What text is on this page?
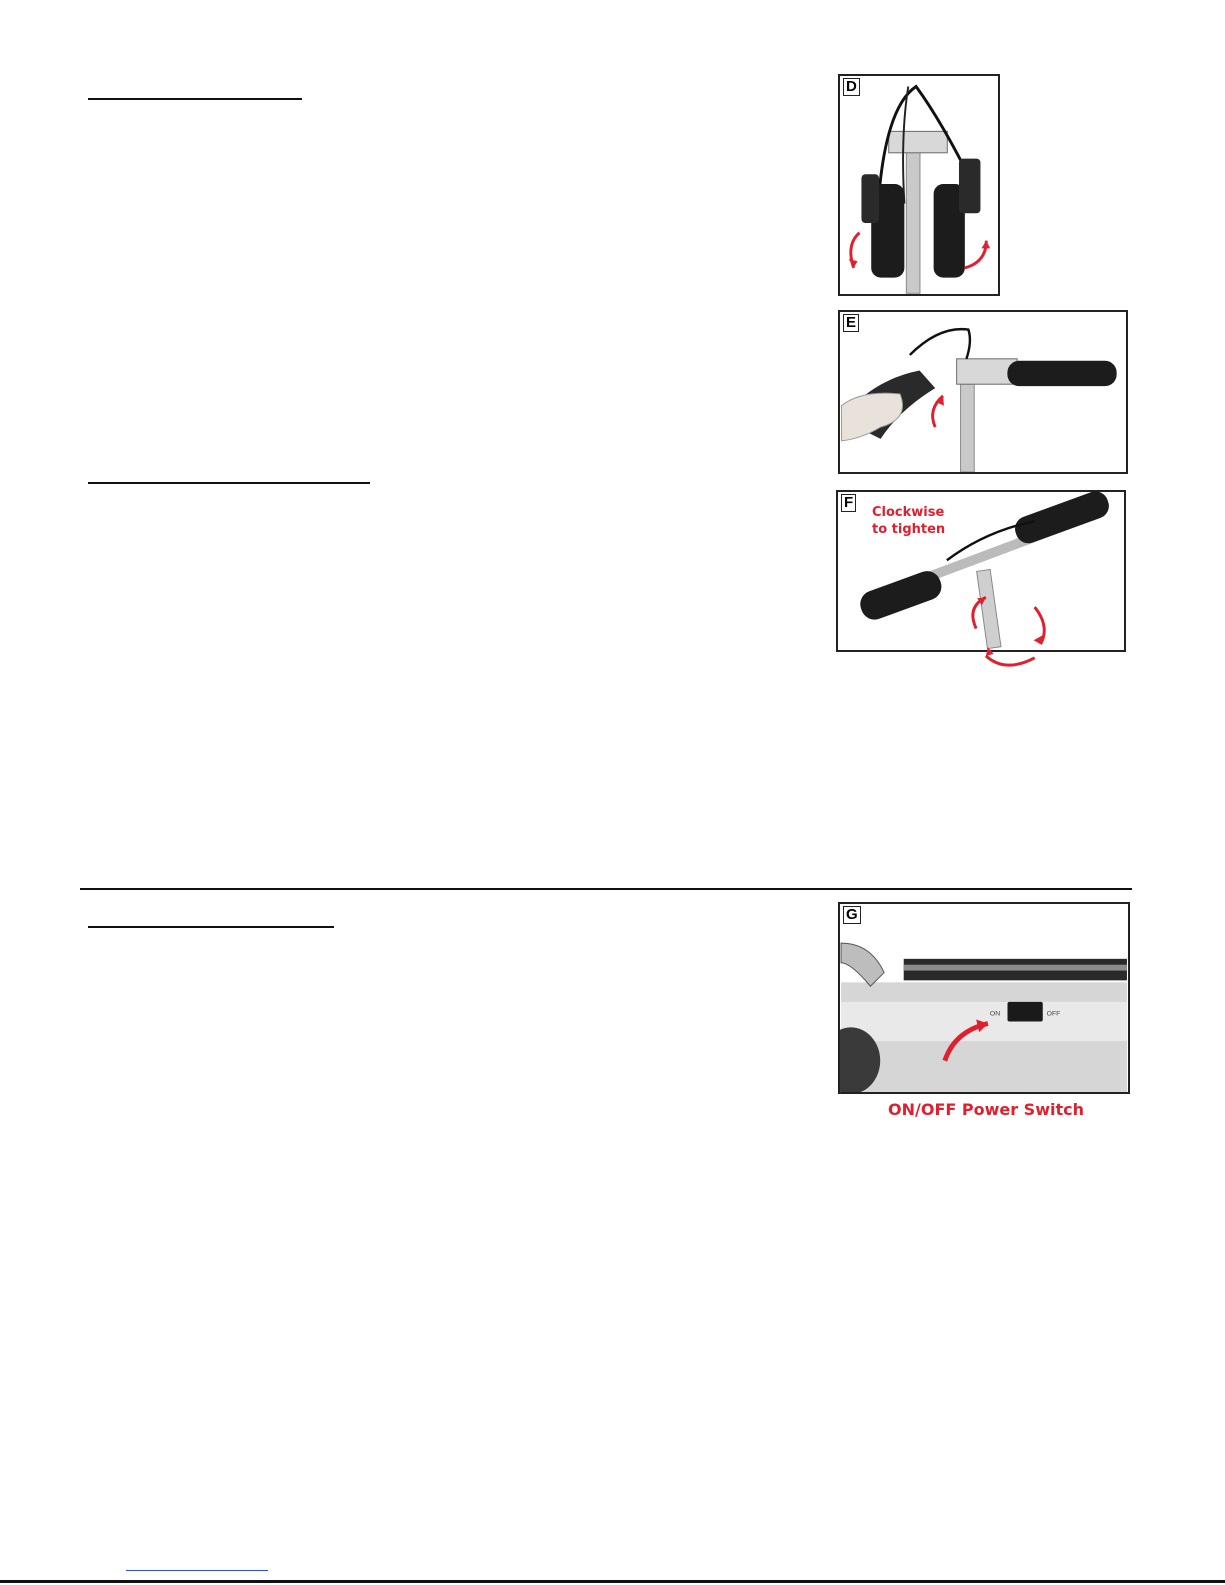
D
E
F
Clockwise
to tighten
G
ON	OFF
ON/OFF Power Switch
